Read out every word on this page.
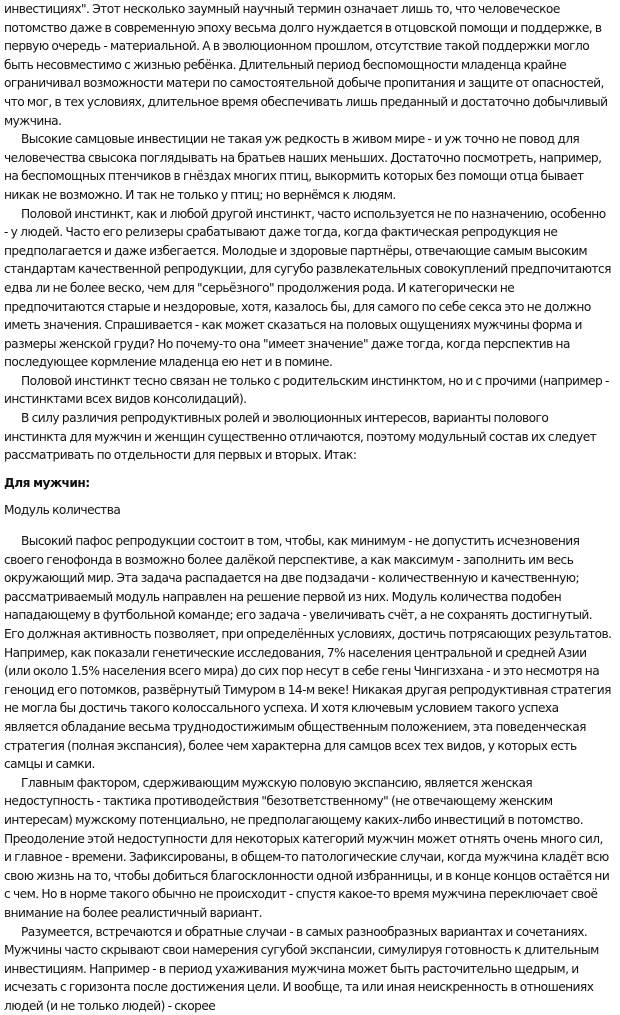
инвестициях". Этот несколько заумный научный термин означает лишь то, что человеческое потомство даже в современную эпоху весьма долго нуждается в отцовской помощи и поддержке, в первую очередь - материальной. А в эволюционном прошлом, отсутствие такой поддержки могло быть несовместимо с жизнью ребёнка. Длительный период беспомощности младенца крайне ограничивал возможности матери по самостоятельной добыче пропитания и защите от опасностей, что мог, в тех условиях, длительное время обеспечивать лишь преданный и достаточно добычливый мужчина.

Высокие самцовые инвестиции не такая уж редкость в живом мире - и уж точно не повод для человечества свысока поглядывать на братьев наших меньших. Достаточно посмотреть, например, на беспомощных птенчиков в гнёздах многих птиц, выкормить которых без помощи отца бывает никак не возможно. И так не только у птиц; но вернёмся к людям.

Половой инстинкт, как и любой другой инстинкт, часто используется не по назначению, особенно - у людей. Часто его релизеры срабатывают даже тогда, когда фактическая репродукция не предполагается и даже избегается. Молодые и здоровые партнёры, отвечающие самым высоким стандартам качественной репродукции, для сугубо развлекательных совокуплений предпочитаются едва ли не более веско, чем для "серьёзного" продолжения рода. И категорически не предпочитаются старые и нездоровые, хотя, казалось бы, для самого по себе секса это не должно иметь значения. Спрашивается - как может сказаться на половых ощущениях мужчины форма и размеры женской груди? Но почему-то она "имеет значение" даже тогда, когда перспектив на последующее кормление младенца ею нет и в помине.

Половой инстинкт тесно связан не только с родительским инстинктом, но и с прочими (например - инстинктами всех видов консолидаций).

В силу различия репродуктивных ролей и эволюционных интересов, варианты полового инстинкта для мужчин и женщин существенно отличаются, поэтому модульный состав их следует рассматривать по отдельности для первых и вторых. Итак:

Для мужчин:

Модуль количества

Высокий пафос репродукции состоит в том, чтобы, как минимум - не допустить исчезновения своего генофонда в возможно более далёкой перспективе, а как максимум - заполнить им весь окружающий мир. Эта задача распадается на две подзадачи - количественную и качественную; рассматриваемый модуль направлен на решение первой из них. Модуль количества подобен нападающему в футбольной команде; его задача - увеличивать счёт, а не сохранять достигнутый. Его должная активность позволяет, при определённых условиях, достичь потрясающих результатов. Например, как показали генетические исследования, 7% населения центральной и средней Азии (или около 1.5% населения всего мира) до сих пор несут в себе гены Чингизхана - и это несмотря на геноцид его потомков, развёрнутый Тимуром в 14-м веке! Никакая другая репродуктивная стратегия не могла бы достичь такого колоссального успеха. И хотя ключевым условием такого успеха является обладание весьма труднодостижимым общественным положением, эта поведенческая стратегия (полная экспансия), более чем характерна для самцов всех тех видов, у которых есть самцы и самки.

Главным фактором, сдерживающим мужскую половую экспансию, является женская недоступность - тактика противодействия "безответственному" (не отвечающему женским интересам) мужскому потенциально, не предполагающему каких-либо инвестиций в потомство. Преодоление этой недоступности для некоторых категорий мужчин может отнять очень много сил, и главное - времени. Зафиксированы, в общем-то патологические случаи, когда мужчина кладёт всю свою жизнь на то, чтобы добиться благосклонности одной избранницы, и в конце концов остаётся ни с чем. Но в норме такого обычно не происходит - спустя какое-то время мужчина переключает своё внимание на более реалистичный вариант.

Разумеется, встречаются и обратные случаи - в самых разнообразных вариантах и сочетаниях. Мужчины часто скрывают свои намерения сугубой экспансии, симулируя готовность к длительным инвестициям. Например - в период ухаживания мужчина может быть расточительно щедрым, и исчезать с горизонта после достижения цели. И вообще, та или иная неискренность в отношениях людей (и не только людей) - скорее
